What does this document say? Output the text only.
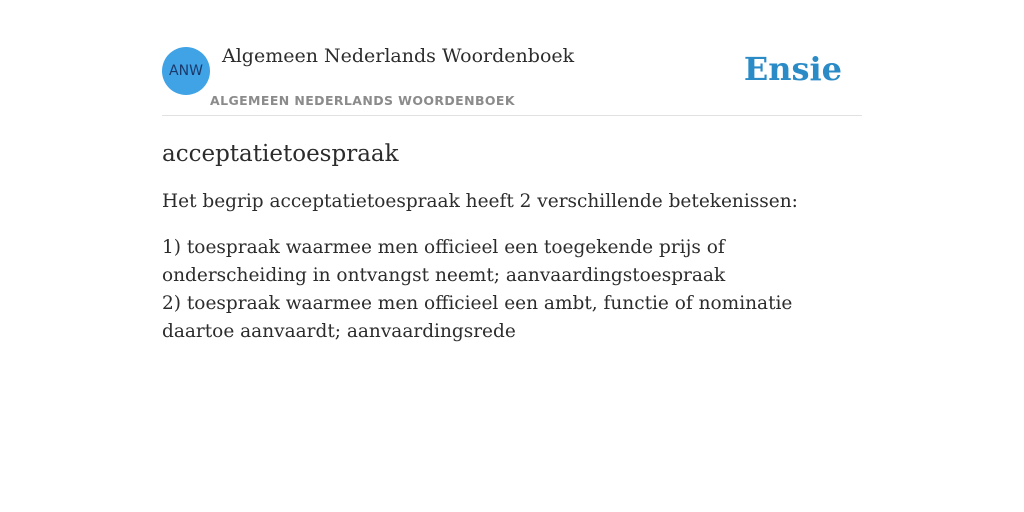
ANW
Algemeen Nederlands Woordenboek
ALGEMEEN NEDERLANDS WOORDENBOEK
Ensie
acceptatietoespraak

Het begrip acceptatietoespraak heeft 2 verschillende betekenissen:

1) toespraak waarmee men officieel een toegekende prijs of onderscheiding in ontvangst neemt; aanvaardingstoespraak
2) toespraak waarmee men officieel een ambt, functie of nominatie daartoe aanvaardt; aanvaardingsrede
